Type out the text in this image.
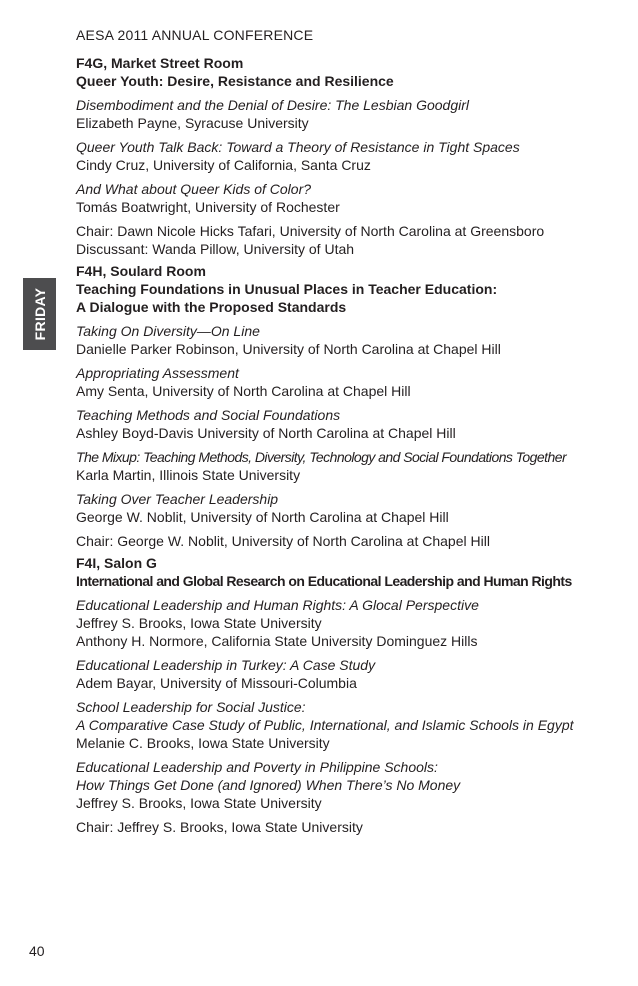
AESA 2011 ANNUAL CONFERENCE
FRIDAY
F4G, Market Street Room
Queer Youth: Desire, Resistance and Resilience
Disembodiment and the Denial of Desire: The Lesbian Goodgirl
Elizabeth Payne, Syracuse University
Queer Youth Talk Back: Toward a Theory of Resistance in Tight Spaces
Cindy Cruz, University of California, Santa Cruz
And What about Queer Kids of Color?
Tomás Boatwright, University of Rochester
Chair: Dawn Nicole Hicks Tafari, University of North Carolina at Greensboro
Discussant: Wanda Pillow, University of Utah
F4H, Soulard Room
Teaching Foundations in Unusual Places in Teacher Education:
A Dialogue with the Proposed Standards
Taking On Diversity—On Line
Danielle Parker Robinson, University of North Carolina at Chapel Hill
Appropriating Assessment
Amy Senta, University of North Carolina at Chapel Hill
Teaching Methods and Social Foundations
Ashley Boyd-Davis University of North Carolina at Chapel Hill
The Mixup: Teaching Methods, Diversity, Technology and Social Foundations Together
Karla Martin, Illinois State University
Taking Over Teacher Leadership
George W. Noblit, University of North Carolina at Chapel Hill
Chair: George W. Noblit, University of North Carolina at Chapel Hill
F4I, Salon G
International and Global Research on Educational Leadership and Human Rights
Educational Leadership and Human Rights: A Glocal Perspective
Jeffrey S. Brooks, Iowa State University
Anthony H. Normore, California State University Dominguez Hills
Educational Leadership in Turkey: A Case Study
Adem Bayar, University of Missouri-Columbia
School Leadership for Social Justice:
A Comparative Case Study of Public, International, and Islamic Schools in Egypt
Melanie C. Brooks, Iowa State University
Educational Leadership and Poverty in Philippine Schools:
How Things Get Done (and Ignored) When There’s No Money
Jeffrey S. Brooks, Iowa State University
Chair: Jeffrey S. Brooks, Iowa State University
40
